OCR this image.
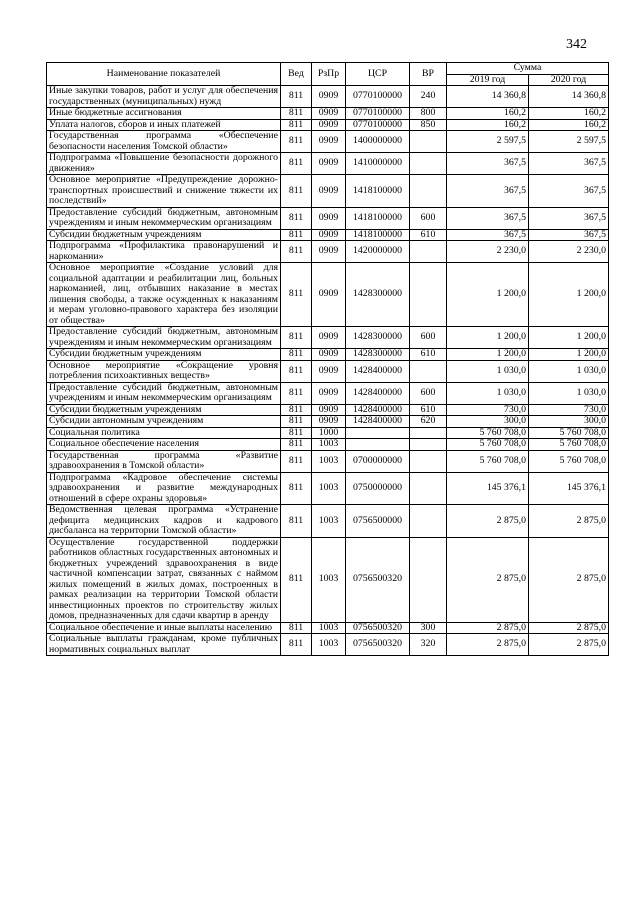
342
Наименование показателей	Вед	РзПр	ЦСР	ВР	Сумма	
					2019 год	2020 год
Иные закупки товаров, работ и услуг для обеспечения государственных (муниципальных) нужд	811	0909	0770100000	240	14 360,8	14 360,8
Иные бюджетные ассигнования	811	0909	0770100000	800	160,2	160,2
Уплата налогов, сборов и иных платежей	811	0909	0770100000	850	160,2	160,2
Государственная программа «Обеспечение безопасности населения Томской области»	811	0909	1400000000		2 597,5	2 597,5
Подпрограмма «Повышение безопасности дорожного движения»	811	0909	1410000000		367,5	367,5
Основное мероприятие «Предупреждение дорожно-транспортных происшествий и снижение тяжести их последствий»	811	0909	1418100000		367,5	367,5
Предоставление субсидий бюджетным, автономным учреждениям и иным некоммерческим организациям	811	0909	1418100000	600	367,5	367,5
Субсидии бюджетным учреждениям	811	0909	1418100000	610	367,5	367,5
Подпрограмма «Профилактика правонарушений и наркомании»	811	0909	1420000000		2 230,0	2 230,0
Основное мероприятие «Создание условий для социальной адаптации и реабилитации лиц, больных наркоманией, лиц, отбывших наказание в местах лишения свободы, а также осужденных к наказаниям и мерам уголовно-правового характера без изоляции от общества»	811	0909	1428300000		1 200,0	1 200,0
Предоставление субсидий бюджетным, автономным учреждениям и иным некоммерческим организациям	811	0909	1428300000	600	1 200,0	1 200,0
Субсидии бюджетным учреждениям	811	0909	1428300000	610	1 200,0	1 200,0
Основное мероприятие «Сокращение уровня потребления психоактивных веществ»	811	0909	1428400000		1 030,0	1 030,0
Предоставление субсидий бюджетным, автономным учреждениям и иным некоммерческим организациям	811	0909	1428400000	600	1 030,0	1 030,0
Субсидии бюджетным учреждениям	811	0909	1428400000	610	730,0	730,0
Субсидии автономным учреждениям	811	0909	1428400000	620	300,0	300,0
Социальная политика	811	1000			5 760 708,0	5 760 708,0
Социальное обеспечение населения	811	1003			5 760 708,0	5 760 708,0
Государственная программа «Развитие здравоохранения в Томской области»	811	1003	0700000000		5 760 708,0	5 760 708,0
Подпрограмма «Кадровое обеспечение системы здравоохранения и развитие международных отношений в сфере охраны здоровья»	811	1003	0750000000		145 376,1	145 376,1
Ведомственная целевая программа «Устранение дефицита медицинских кадров и кадрового дисбаланса на территории Томской области»	811	1003	0756500000		2 875,0	2 875,0
Осуществление государственной поддержки работников областных государственных автономных и бюджетных учреждений здравоохранения в виде частичной компенсации затрат, связанных с наймом жилых помещений в жилых домах, построенных в рамках реализации на территории Томской области инвестиционных проектов по строительству жилых домов, предназначенных для сдачи квартир в аренду	811	1003	0756500320		2 875,0	2 875,0
Социальное обеспечение и иные выплаты населению	811	1003	0756500320	300	2 875,0	2 875,0
Социальные выплаты гражданам, кроме публичных нормативных социальных выплат	811	1003	0756500320	320	2 875,0	2 875,0
